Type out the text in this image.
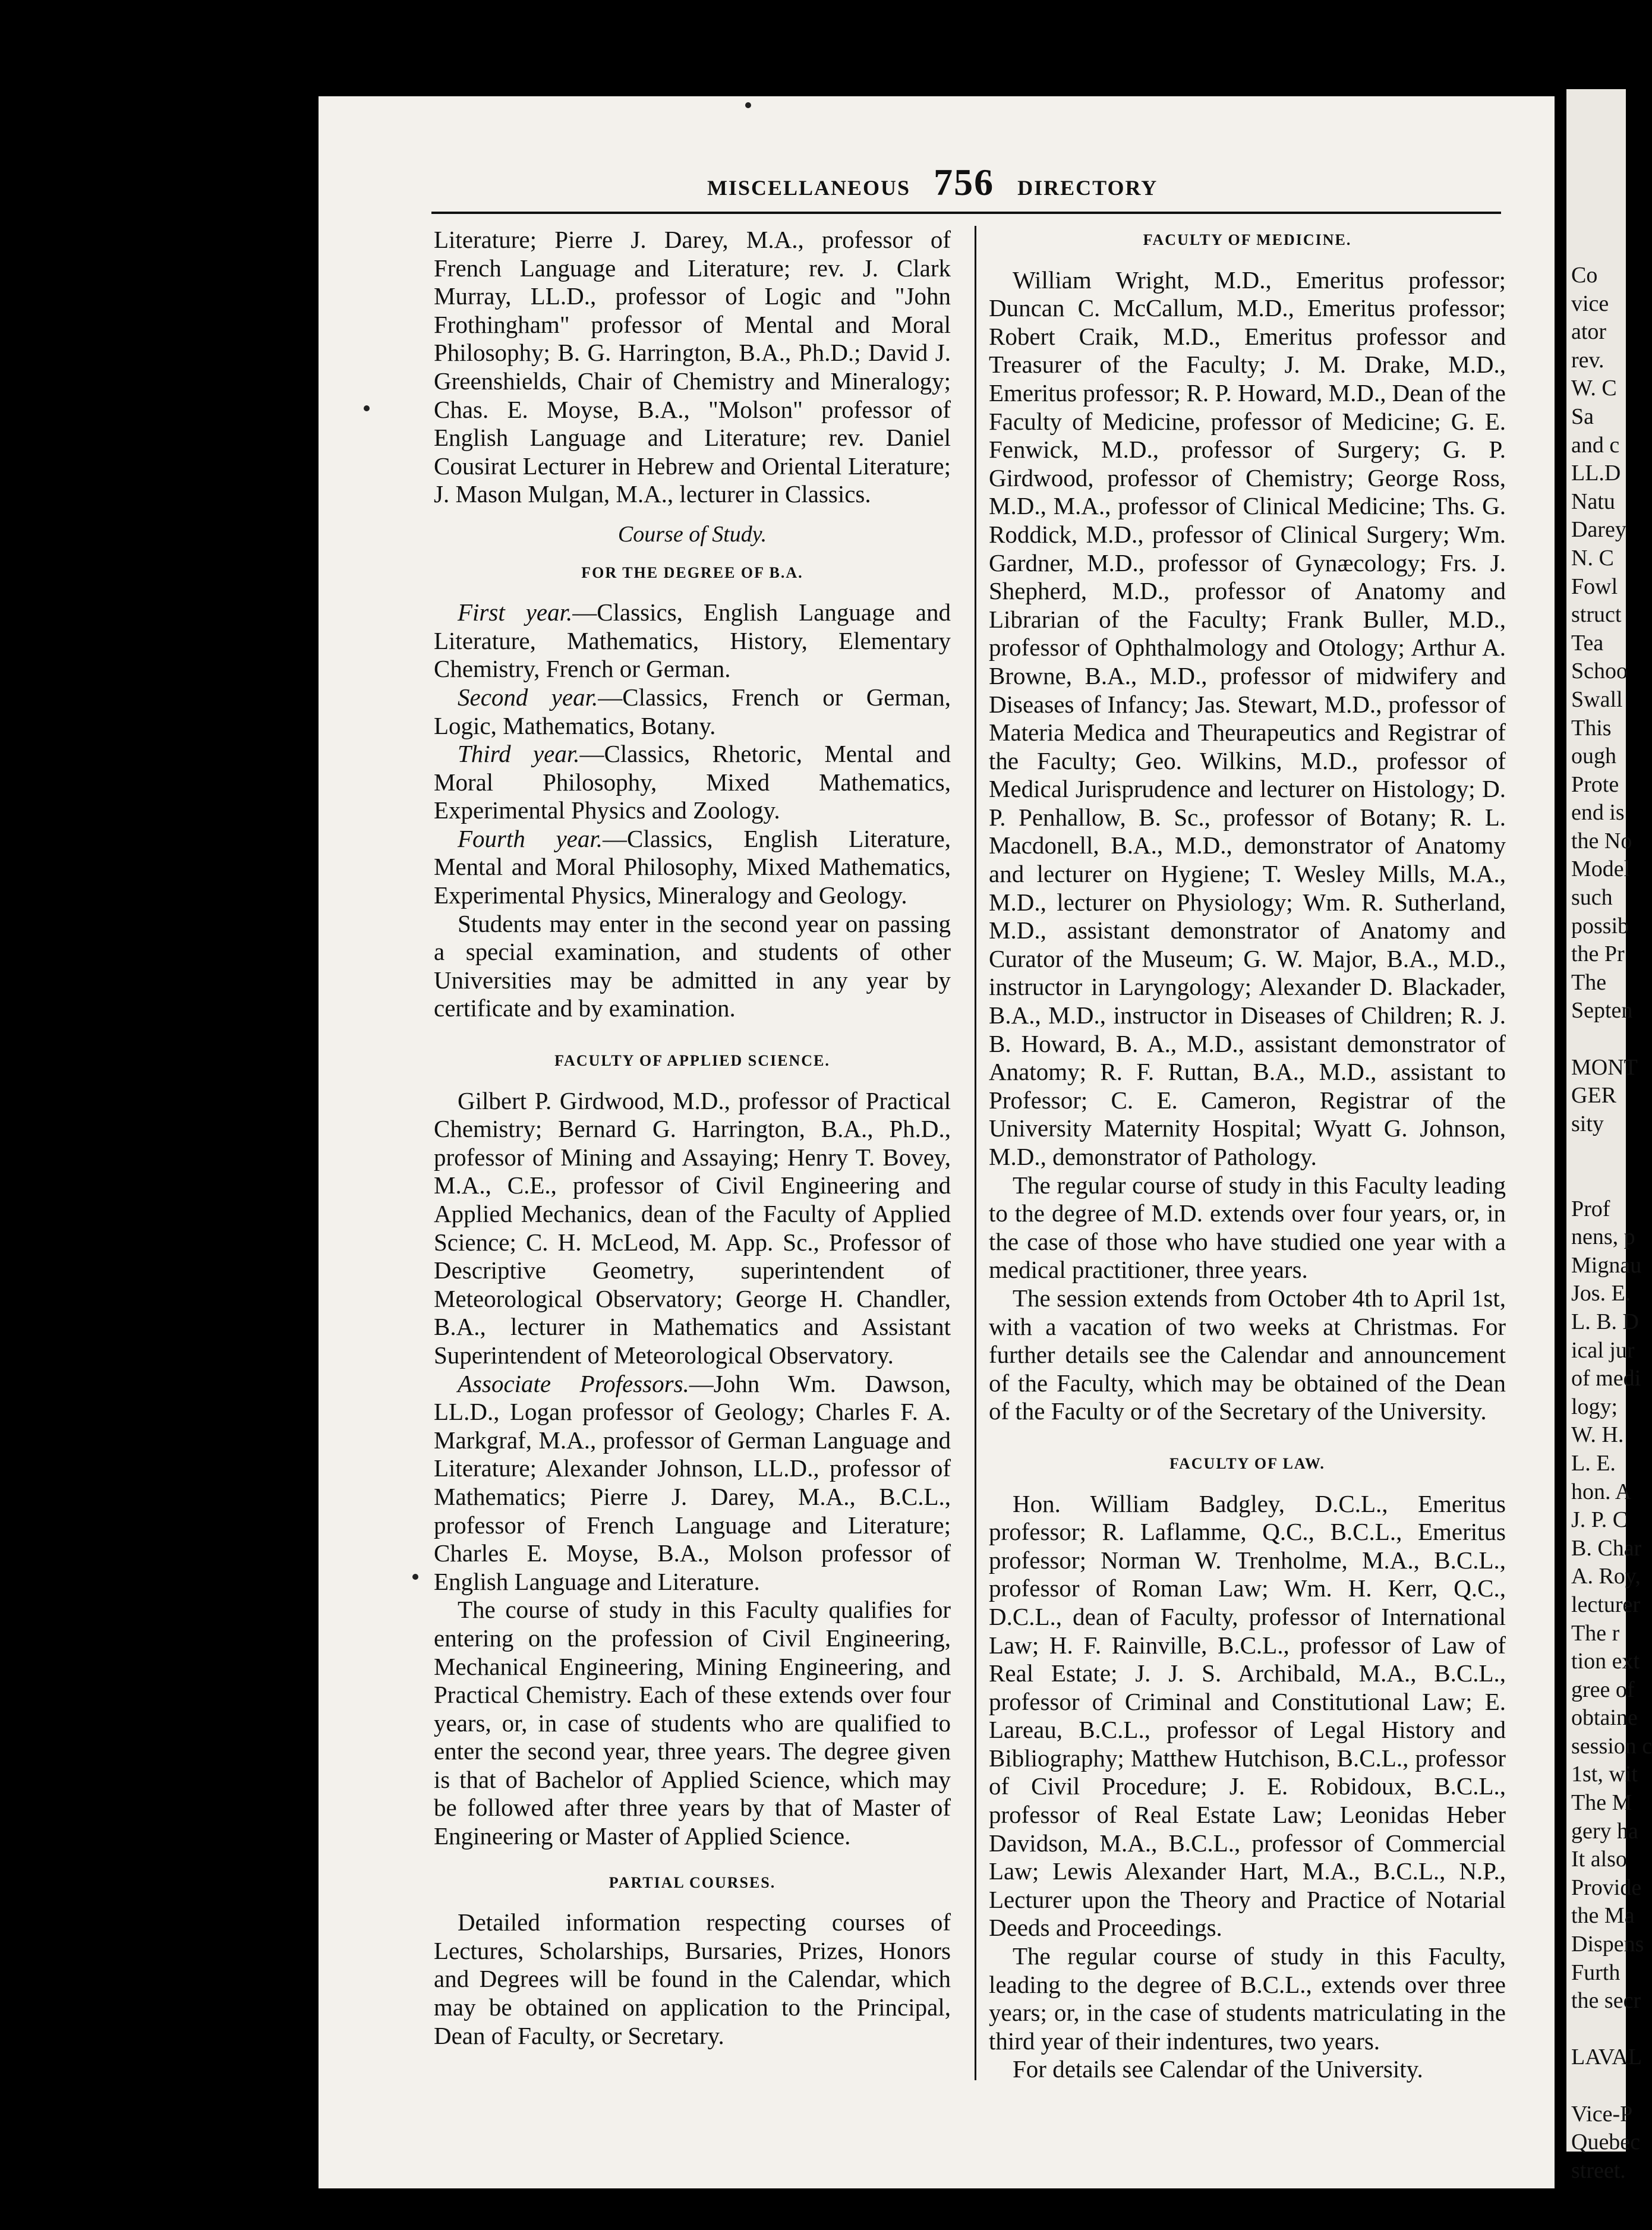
Co
vice
ator
rev.
W. C
Sa
and c
LL.D
Natu
Darey
N. C
Fowl
struct
Tea
Schoo
Swall
This
ough
Prote
end is
the No
Model
such
possib
the Pr
The
Septen
MONT
GER
sity
Prof
nens, p
Mignau
Jos. E.
L. B. D
ical jur
of medi
logy;
W. H.
L. E.
hon. A
J. P. C
B. Char
A. Roy,
lecturer
The r
tion ext
gree of
obtaine
session c
1st, wit
The M
gery ha
It also
Provide
the Ma
Dispens
Furth
the secr
LAVAL
Vice-P
Quebec
street.
MISCELLANEOUS 756 DIRECTORY

Literature; Pierre J. Darey, M.A., professor of French Language and Literature; rev. J. Clark Murray, LL.D., professor of Logic and "John Frothingham" professor of Mental and Moral Philosophy; B. G. Harrington, B.A., Ph.D.; David J. Greenshields, Chair of Chemistry and Mineralogy; Chas. E. Moyse, B.A., "Molson" professor of English Language and Literature; rev. Daniel Cousirat Lecturer in Hebrew and Oriental Literature; J. Mason Mulgan, M.A., lecturer in Classics.

Course of Study.
FOR THE DEGREE OF B.A.

First year.—Classics, English Language and Literature, Mathematics, History, Elementary Chemistry, French or German.

Second year.—Classics, French or German, Logic, Mathematics, Botany.

Third year.—Classics, Rhetoric, Mental and Moral Philosophy, Mixed Mathematics, Experimental Physics and Zoology.

Fourth year.—Classics, English Literature, Mental and Moral Philosophy, Mixed Mathematics, Experimental Physics, Mineralogy and Geology.

Students may enter in the second year on passing a special examination, and students of other Universities may be admitted in any year by certificate and by examination.

FACULTY OF APPLIED SCIENCE.

Gilbert P. Girdwood, M.D., professor of Practical Chemistry; Bernard G. Harrington, B.A., Ph.D., professor of Mining and Assaying; Henry T. Bovey, M.A., C.E., professor of Civil Engineering and Applied Mechanics, dean of the Faculty of Applied Science; C. H. McLeod, M. App. Sc., Professor of Descriptive Geometry, superintendent of Meteorological Observatory; George H. Chandler, B.A., lecturer in Mathematics and Assistant Superintendent of Meteorological Observatory.

Associate Professors.—John Wm. Dawson, LL.D., Logan professor of Geology; Charles F. A. Markgraf, M.A., professor of German Language and Literature; Alexander Johnson, LL.D., professor of Mathematics; Pierre J. Darey, M.A., B.C.L., professor of French Language and Literature; Charles E. Moyse, B.A., Molson professor of English Language and Literature.

The course of study in this Faculty qualifies for entering on the profession of Civil Engineering, Mechanical Engineering, Mining Engineering, and Practical Chemistry. Each of these extends over four years, or, in case of students who are qualified to enter the second year, three years. The degree given is that of Bachelor of Applied Science, which may be followed after three years by that of Master of Engineering or Master of Applied Science.

PARTIAL COURSES.

Detailed information respecting courses of Lectures, Scholarships, Bursaries, Prizes, Honors and Degrees will be found in the Calendar, which may be obtained on application to the Principal, Dean of Faculty, or Secretary.

FACULTY OF MEDICINE.

William Wright, M.D., Emeritus professor; Duncan C. McCallum, M.D., Emeritus professor; Robert Craik, M.D., Emeritus professor and Treasurer of the Faculty; J. M. Drake, M.D., Emeritus professor; R. P. Howard, M.D., Dean of the Faculty of Medicine, professor of Medicine; G. E. Fenwick, M.D., professor of Surgery; G. P. Girdwood, professor of Chemistry; George Ross, M.D., M.A., professor of Clinical Medicine; Ths. G. Roddick, M.D., professor of Clinical Surgery; Wm. Gardner, M.D., professor of Gynæcology; Frs. J. Shepherd, M.D., professor of Anatomy and Librarian of the Faculty; Frank Buller, M.D., professor of Ophthalmology and Otology; Arthur A. Browne, B.A., M.D., professor of midwifery and Diseases of Infancy; Jas. Stewart, M.D., professor of Materia Medica and Theurapeutics and Registrar of the Faculty; Geo. Wilkins, M.D., professor of Medical Jurisprudence and lecturer on Histology; D. P. Penhallow, B. Sc., professor of Botany; R. L. Macdonell, B.A., M.D., demonstrator of Anatomy and lecturer on Hygiene; T. Wesley Mills, M.A., M.D., lecturer on Physiology; Wm. R. Sutherland, M.D., assistant demonstrator of Anatomy and Curator of the Museum; G. W. Major, B.A., M.D., instructor in Laryngology; Alexander D. Blackader, B.A., M.D., instructor in Diseases of Children; R. J. B. Howard, B. A., M.D., assistant demonstrator of Anatomy; R. F. Ruttan, B.A., M.D., assistant to Professor; C. E. Cameron, Registrar of the University Maternity Hospital; Wyatt G. Johnson, M.D., demonstrator of Pathology.

The regular course of study in this Faculty leading to the degree of M.D. extends over four years, or, in the case of those who have studied one year with a medical practitioner, three years.

The session extends from October 4th to April 1st, with a vacation of two weeks at Christmas. For further details see the Calendar and announcement of the Faculty, which may be obtained of the Dean of the Faculty or of the Secretary of the University.

FACULTY OF LAW.

Hon. William Badgley, D.C.L., Emeritus professor; R. Laflamme, Q.C., B.C.L., Emeritus professor; Norman W. Trenholme, M.A., B.C.L., professor of Roman Law; Wm. H. Kerr, Q.C., D.C.L., dean of Faculty, professor of International Law; H. F. Rainville, B.C.L., professor of Law of Real Estate; J. J. S. Archibald, M.A., B.C.L., professor of Criminal and Constitutional Law; E. Lareau, B.C.L., professor of Legal History and Bibliography; Matthew Hutchison, B.C.L., professor of Civil Procedure; J. E. Robidoux, B.C.L., professor of Real Estate Law; Leonidas Heber Davidson, M.A., B.C.L., professor of Commercial Law; Lewis Alexander Hart, M.A., B.C.L., N.P., Lecturer upon the Theory and Practice of Notarial Deeds and Proceedings.

The regular course of study in this Faculty, leading to the degree of B.C.L., extends over three years; or, in the case of students matriculating in the third year of their indentures, two years.

For details see Calendar of the University.
